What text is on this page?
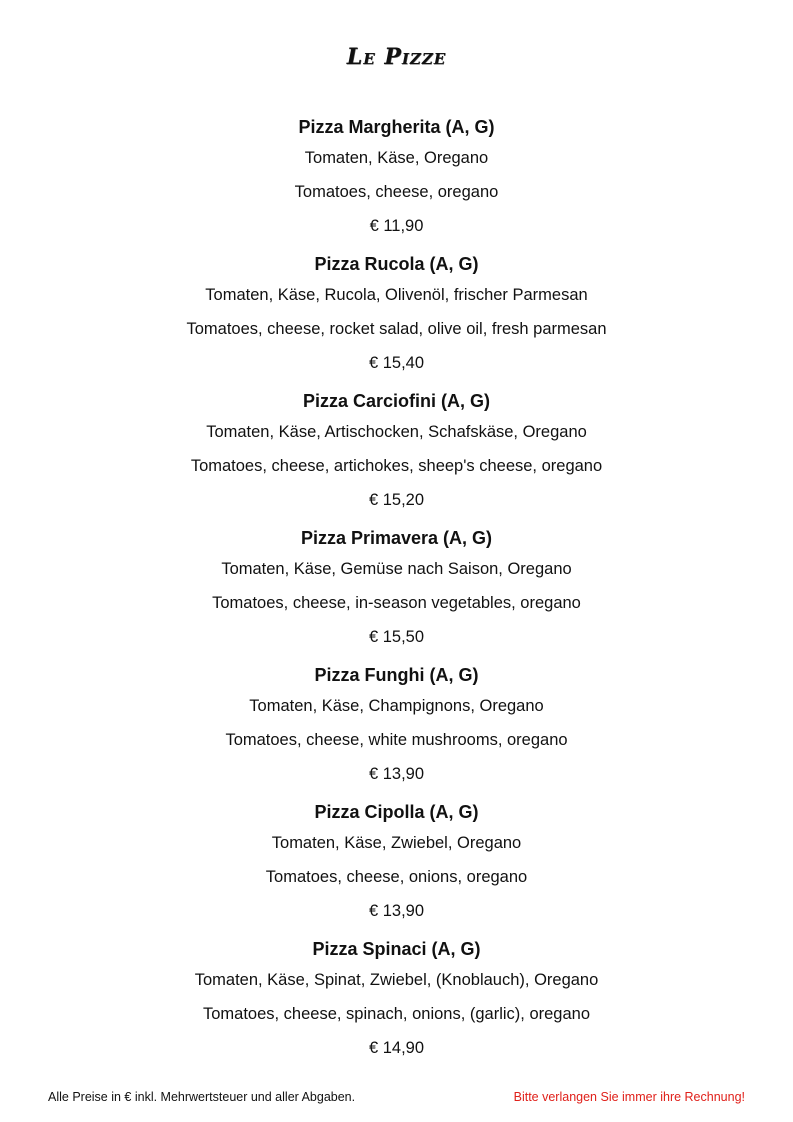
Le Pizze
Pizza Margherita (A, G)
Tomaten, Käse, Oregano
Tomatoes, cheese, oregano
€ 11,90
Pizza Rucola (A, G)
Tomaten, Käse, Rucola, Olivenöl, frischer Parmesan
Tomatoes, cheese, rocket salad, olive oil, fresh parmesan
€ 15,40
Pizza Carciofini (A, G)
Tomaten, Käse, Artischocken, Schafskäse, Oregano
Tomatoes, cheese, artichokes, sheep's cheese, oregano
€ 15,20
Pizza Primavera (A, G)
Tomaten, Käse, Gemüse nach Saison, Oregano
Tomatoes, cheese, in-season vegetables, oregano
€ 15,50
Pizza Funghi (A, G)
Tomaten, Käse, Champignons, Oregano
Tomatoes, cheese, white mushrooms, oregano
€ 13,90
Pizza Cipolla (A, G)
Tomaten, Käse, Zwiebel, Oregano
Tomatoes, cheese, onions, oregano
€ 13,90
Pizza Spinaci (A, G)
Tomaten, Käse, Spinat, Zwiebel, (Knoblauch), Oregano
Tomatoes, cheese, spinach, onions, (garlic), oregano
€ 14,90
Alle Preise in € inkl. Mehrwertsteuer und aller Abgaben.	Bitte verlangen Sie immer ihre Rechnung!
